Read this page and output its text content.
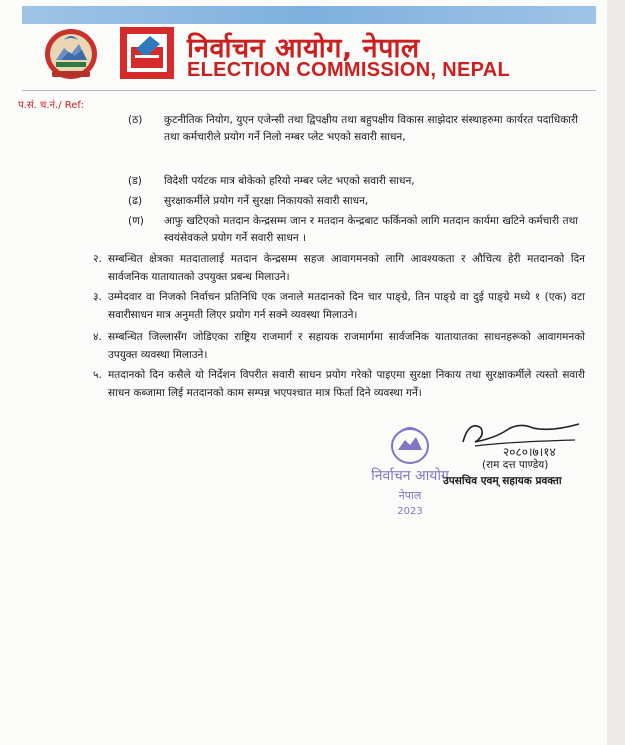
निर्वाचन आयोग, नेपाल
ELECTION COMMISSION, NEPAL
प.सं. च.नं./ Ref:
(ठ)	कुटनीतिक नियोग, युएन एजेन्सी तथा द्विपक्षीय तथा बहुपक्षीय विकास साझेदार संस्थाहरुमा कार्यरत पदाधिकारी तथा कर्मचारीले प्रयोग गर्ने निलो नम्बर प्लेट भएको सवारी साधन,
(ड)	विदेशी पर्यटक मात्र बोकेको हरियो नम्बर प्लेट भएको सवारी साधन,
(ढ)	सुरक्षाकर्मीले प्रयोग गर्ने सुरक्षा निकायको सवारी साधन,
(ण)	आफु खटिएको मतदान केन्द्रसम्म जान र मतदान केन्द्रबाट फर्किनको लागि मतदान कार्यमा खटिने कर्मचारी तथा स्वयंसेवकले प्रयोग गर्ने सवारी साधन ।
२. सम्बन्धित क्षेत्रका मतदातालाई मतदान केन्द्रसम्म सहज आवागमनको लागि आवश्यकता र औचित्य हेरी मतदानको दिन सार्वजनिक यातायातको उपयुक्त प्रबन्ध मिलाउने।
३. उम्मेदवार वा निजको निर्वाचन प्रतिनिधि एक जनाले मतदानको दिन चार पाङ्ग्रे, तिन पाङ्ग्रे वा दुई पाङ्ग्रे मध्ये १ (एक) वटा सवारीसाधन मात्र अनुमती लिएर प्रयोग गर्न सक्ने व्यवस्था मिलाउने।
४. सम्बन्धित जिल्लासँग जोडिएका राष्ट्रिय राजमार्ग र सहायक राजमार्गमा सार्वजनिक यातायातका साधनहरूको आवागमनको उपयुक्त व्यवस्था मिलाउने।
५. मतदानको दिन कसैले यो निर्देशन विपरीत सवारी साधन प्रयोग गरेको पाइएमा सुरक्षा निकाय तथा सुरक्षाकर्मीले त्यस्तो सवारी साधन कब्जामा लिई मतदानको काम सम्पन्न भएपश्चात मात्र फिर्ता दिने व्यवस्था गर्ने।
निर्वाचन आयोग
नेपाल
2023
२०८०।७।१४
(राम दत्त पाण्डेय)
उपसचिव एवम् सहायक प्रवक्ता
